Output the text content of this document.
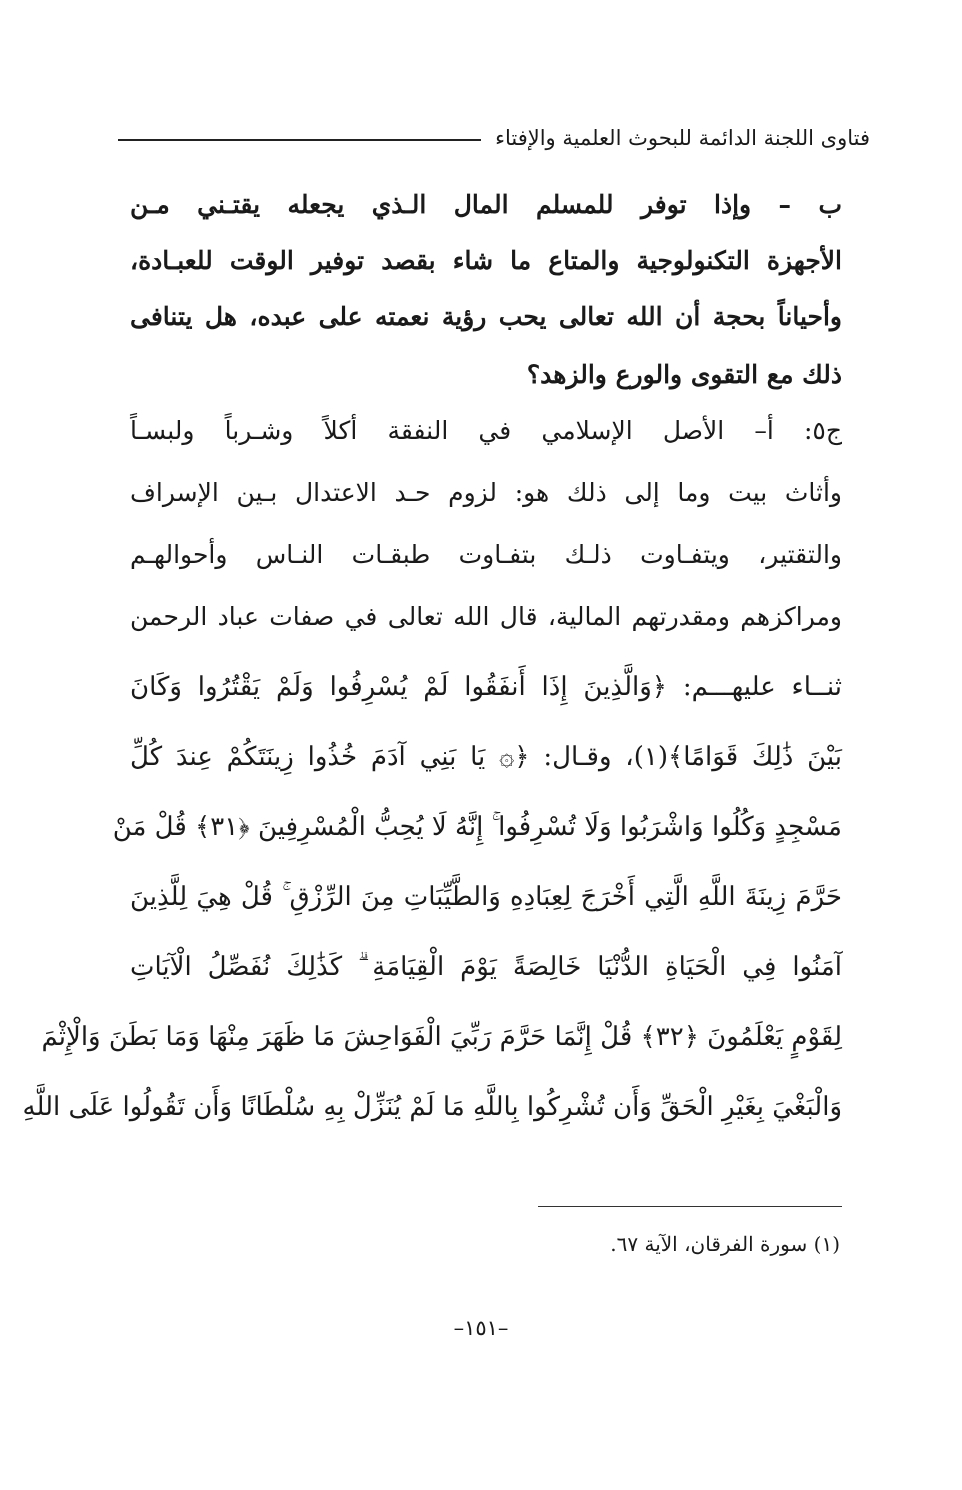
فتاوى اللجنة الدائمة للبحوث العلمية والإفتاء
ب – وإذا توفر للمسلم المال الـذي يجعله يقتـني مـن
الأجهزة التكنولوجية والمتاع ما شاء بقصد توفير الوقت للعبـادة،
وأحياناً بحجة أن الله تعالى يحب رؤية نعمته على عبده، هل يتنافى
ذلك مع التقوى والورع والزهد؟
ج٥: أ– الأصل الإسلامي في النفقة أكلاً وشـرباً ولبسـاً
وأثاث بيت وما إلى ذلك هو: لزوم حـد الاعتدال بـين الإسراف
والتقتير، ويتفـاوت ذلـك بتفـاوت طبقـات النـاس وأحوالهـم
ومراكزهم ومقدرتهم المالية، قال الله تعالى في صفات عباد الرحمن
ثنــاء عليهـــم: ﴿وَالَّذِينَ إِذَا أَنفَقُوا لَمْ يُسْرِفُوا وَلَمْ يَقْتُرُوا وَكَانَ
بَيْنَ ذَٰلِكَ قَوَامًا﴾(١)، وقـال: ﴿۞ يَا بَنِي آدَمَ خُذُوا زِينَتَكُمْ عِندَ كُلِّ
مَسْجِدٍ وَكُلُوا وَاشْرَبُوا وَلَا تُسْرِفُوا ۚ إِنَّهُ لَا يُحِبُّ الْمُسْرِفِينَ ﴿٣١﴾ قُلْ مَنْ
حَرَّمَ زِينَةَ اللَّهِ الَّتِي أَخْرَجَ لِعِبَادِهِ وَالطَّيِّبَاتِ مِنَ الرِّزْقِ ۚ قُلْ هِيَ لِلَّذِينَ
آمَنُوا فِي الْحَيَاةِ الدُّنْيَا خَالِصَةً يَوْمَ الْقِيَامَةِ ۗ كَذَٰلِكَ نُفَصِّلُ الْآيَاتِ
لِقَوْمٍ يَعْلَمُونَ ﴿٣٢﴾ قُلْ إِنَّمَا حَرَّمَ رَبِّيَ الْفَوَاحِشَ مَا ظَهَرَ مِنْهَا وَمَا بَطَنَ وَالْإِثْمَ
وَالْبَغْيَ بِغَيْرِ الْحَقِّ وَأَن تُشْرِكُوا بِاللَّهِ مَا لَمْ يُنَزِّلْ بِهِ سُلْطَانًا وَأَن تَقُولُوا عَلَى اللَّهِ
(١) سورة الفرقان، الآية ٦٧.
–١٥١–
